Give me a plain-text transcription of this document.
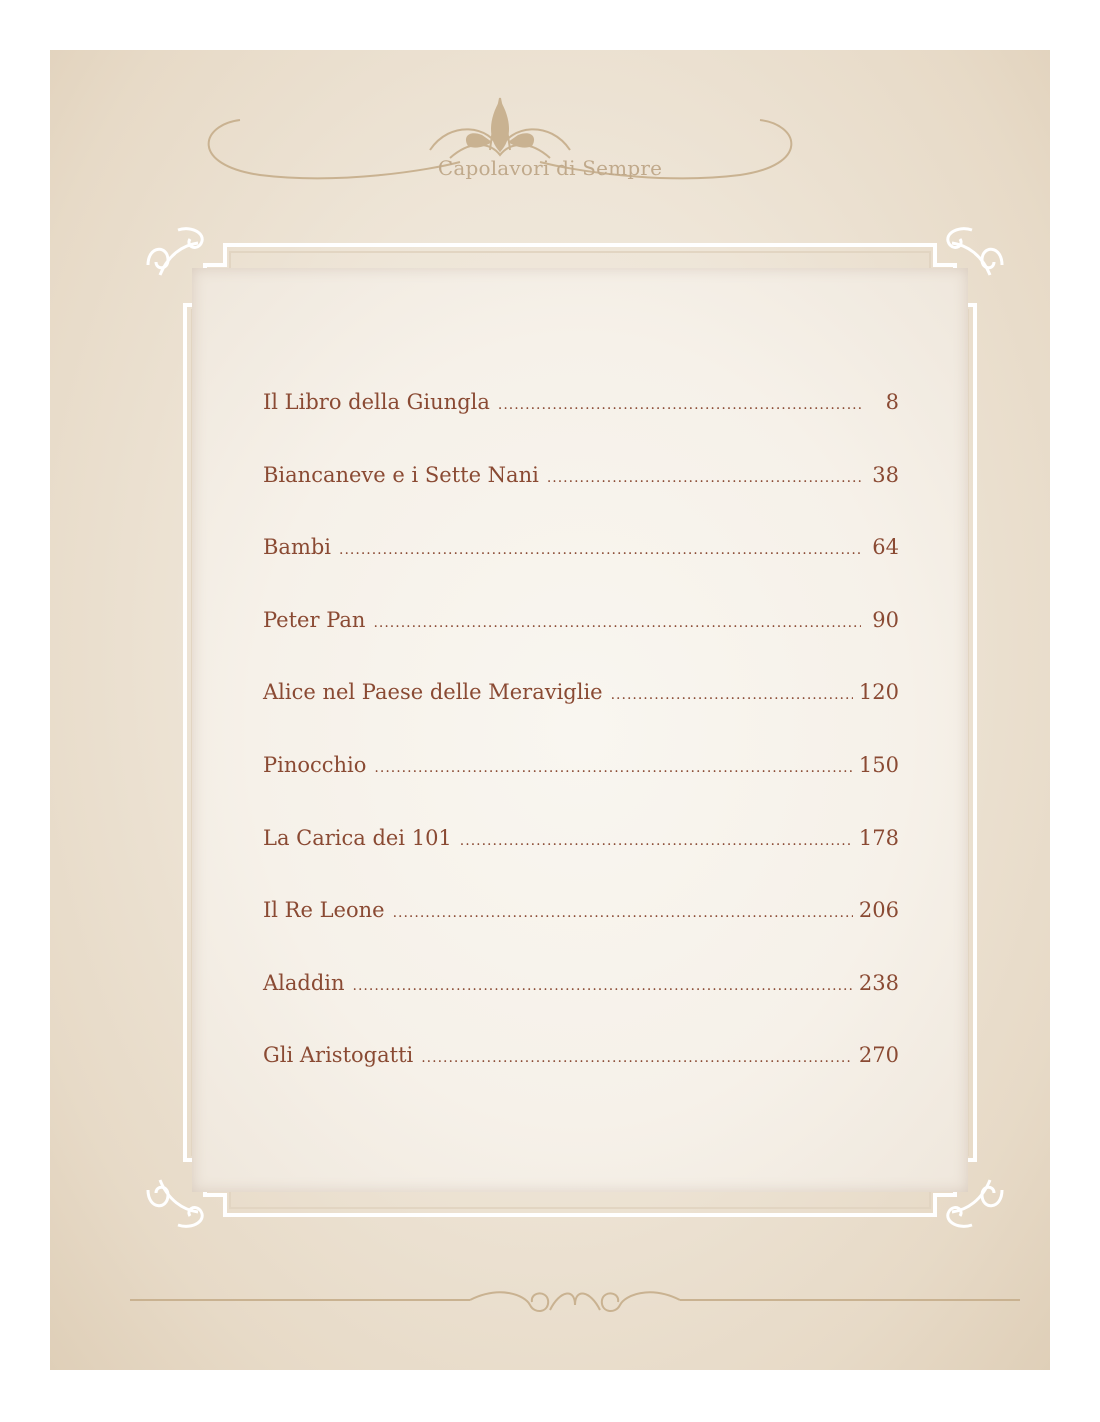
Capolavori di Sempre
Il Libro della Giungla .....	8
Biancaneve e i Sette Nani .....	38
Bambi .....	64
Peter Pan .....	90
Alice nel Paese delle Meraviglie .....	120
Pinocchio .....	150
La Carica dei 101 .....	178
Il Re Leone .....	206
Aladdin .....	238
Gli Aristogatti .....	270
